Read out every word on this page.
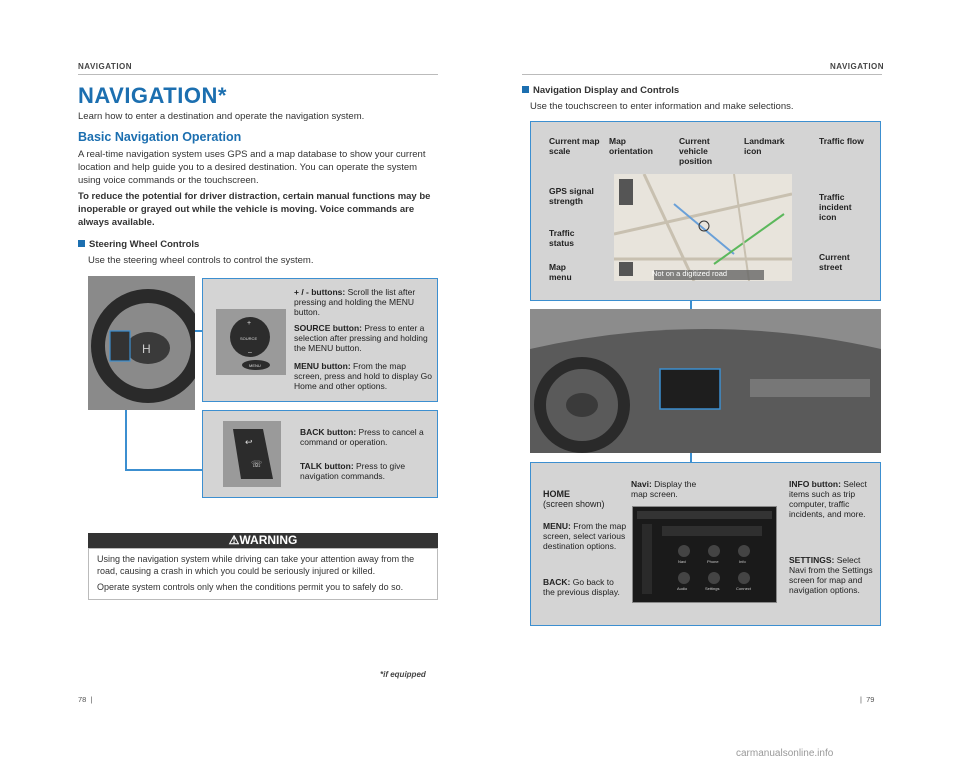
NAVIGATION	NAVIGATION
NAVIGATION*
Learn how to enter a destination and operate the navigation system.
Basic Navigation Operation
A real-time navigation system uses GPS and a map database to show your current location and help guide you to a desired destination. You can operate the system using voice commands or the touchscreen.
To reduce the potential for driver distraction, certain manual functions may be inoperable or grayed out while the vehicle is moving. Voice commands are always available.
Steering Wheel Controls
Use the steering wheel controls to control the system.
H
+
–
SOURCE
MENU
+ / - buttons: Scroll the list after pressing and holding the MENU button.
SOURCE button: Press to enter a selection after pressing and holding the MENU button.
MENU button: From the map screen, press and hold to display Go Home and other options.
↩
☏
BACK button: Press to cancel a command or operation.
TALK button: Press to give navigation commands.
⚠WARNING
Using the navigation system while driving can take your attention away from the road, causing a crash in which you could be seriously injured or killed.
Operate system controls only when the conditions permit you to safely do so.
*if equipped
78  |
Navigation Display and Controls
Use the touchscreen to enter information and make selections.
Not on a digitized road
Current map scale
Map orientation
Current vehicle position
Landmark icon
Traffic flow
GPS signal strength	Traffic incident icon
Traffic status
Map menu
Current street
Navi	Phone	Info
Audio	Settings	Connect
HOME
(screen shown)
Navi: Display the map screen.
INFO button: Select items such as trip computer, traffic incidents, and more.
MENU: From the map screen, select various destination options.
SETTINGS: Select Navi from the Settings screen for map and navigation options.
BACK: Go back to the previous display.
|  79
carmanualsonline.info
